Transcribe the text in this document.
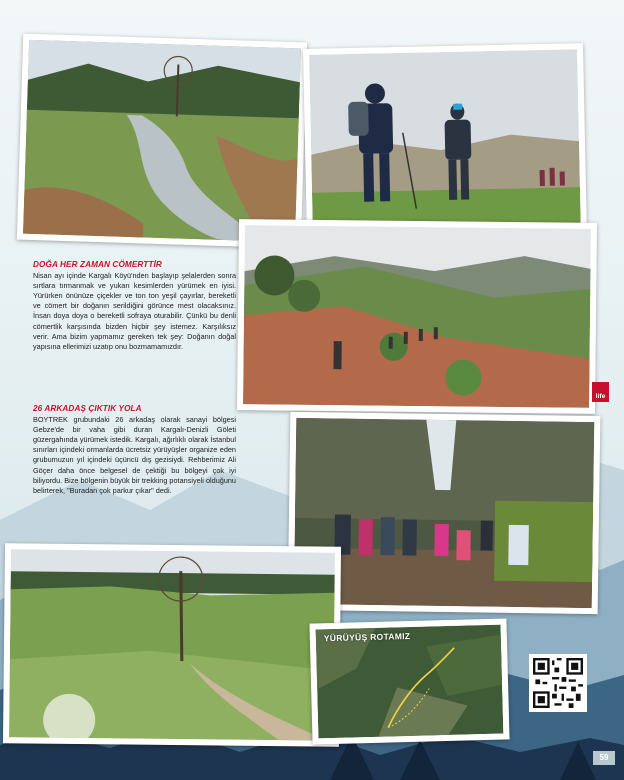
YÜRÜYÜŞ ROTAMIZ
DOĞA HER ZAMAN CÖMERTTİR

Nisan ayı içinde Kargalı Köyü'nden başlayıp şelalerden sonra sırtlara tırmanmak ve yukarı kesimlerden yürümek en iyisi. Yürürken önünüze çiçekler ve ton ton yeşil çayırlar, bereketli ve cömert bir doğanın serildiğini görünce mest olacaksınız. İnsan doya doya o bereketli sofraya oturabilir. Çünkü bu denli cömertlik karşısında bizden hiçbir şey istemez. Karşılıksız verir. Ama bizim yapmamız gereken tek şey: Doğanın doğal yapısına ellerimizi uzatıp onu bozmamamızdır.

26 ARKADAŞ ÇIKTIK YOLA

BOYTREK grubundaki 26 arkadaş olarak sanayi bölgesi Gebze'de bir vaha gibi duran Kargalı-Denizli Göleti güzergahında yürümek istedik. Kargalı, ağırlıklı olarak İstanbul sınırları içindeki ormanlarda ücretsiz yürüyüşler organize eden grubumuzun yıl içindeki üçüncü dış gezisiydi. Rehberimiz Ali Göçer daha önce belgesel de çektiği bu bölgeyi çok iyi biliyordu. Bize bölgenin büyük bir trekking potansiyeli olduğunu belirterek, "Buradan çok parkur çıkar" dedi.

life
59
